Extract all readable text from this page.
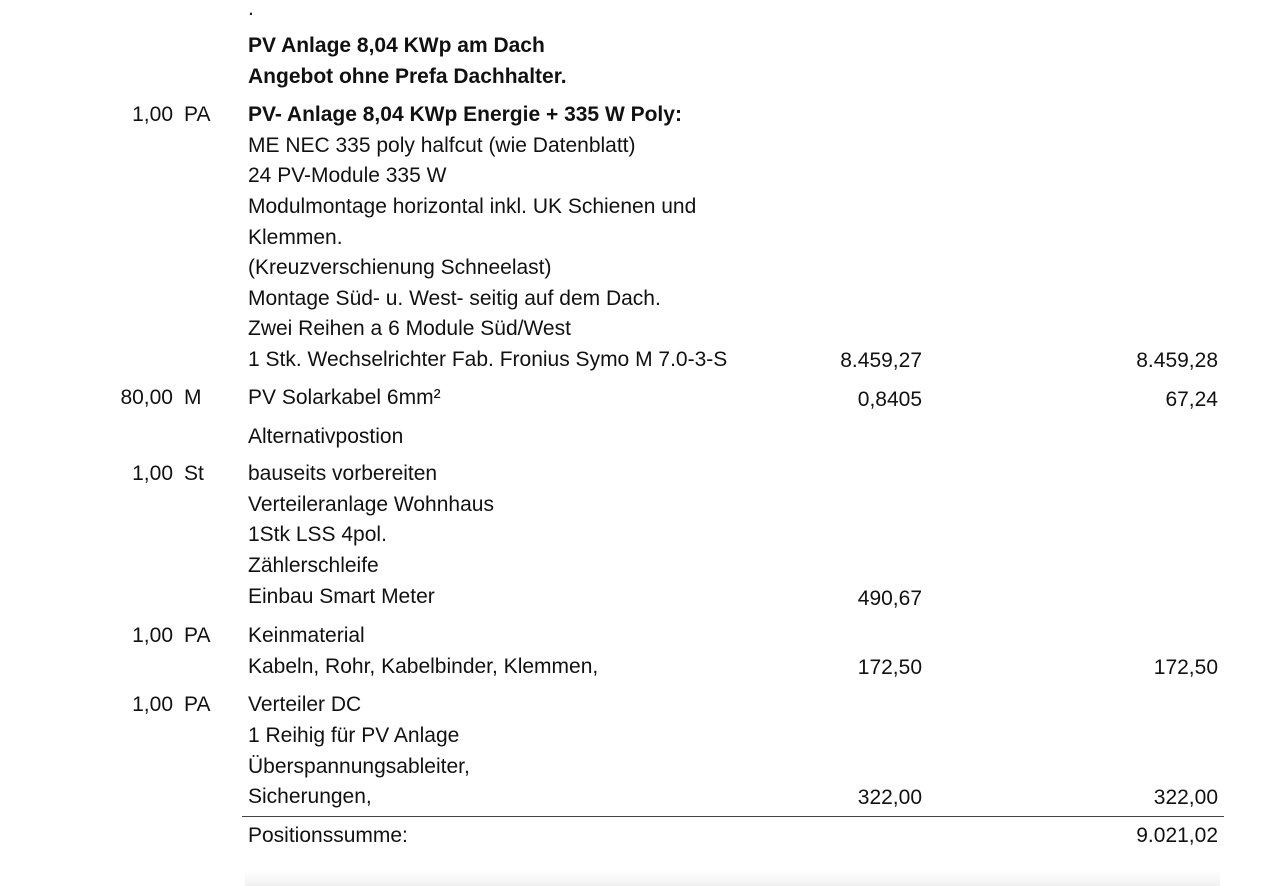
.
PV Anlage 8,04 KWp am Dach
Angebot ohne Prefa Dachhalter.
1,00 PA PV- Anlage 8,04 KWp Energie + 335 W Poly:
ME NEC 335 poly halfcut (wie Datenblatt)
24 PV-Module 335 W
Modulmontage horizontal inkl. UK Schienen und
Klemmen.
(Kreuzverschienung Schneelast)
Montage Süd- u. West- seitig auf dem Dach.
Zwei Reihen a 6 Module Süd/West
1 Stk. Wechselrichter Fab. Fronius Symo M 7.0-3-S	8.459,27	8.459,28
80,00 M PV Solarkabel 6mm²	0,8405	67,24
Alternativpostion
1,00 St bauseits vorbereiten
Verteileranlage Wohnhaus
1Stk LSS 4pol.
Zählerschleife
Einbau Smart Meter	490,67
1,00 PA Keinmaterial
Kabeln, Rohr, Kabelbinder, Klemmen,	172,50	172,50
1,00 PA Verteiler DC
1 Reihig für PV Anlage
Überspannungsableiter,
Sicherungen,	322,00	322,00
Positionssumme:	9.021,02
